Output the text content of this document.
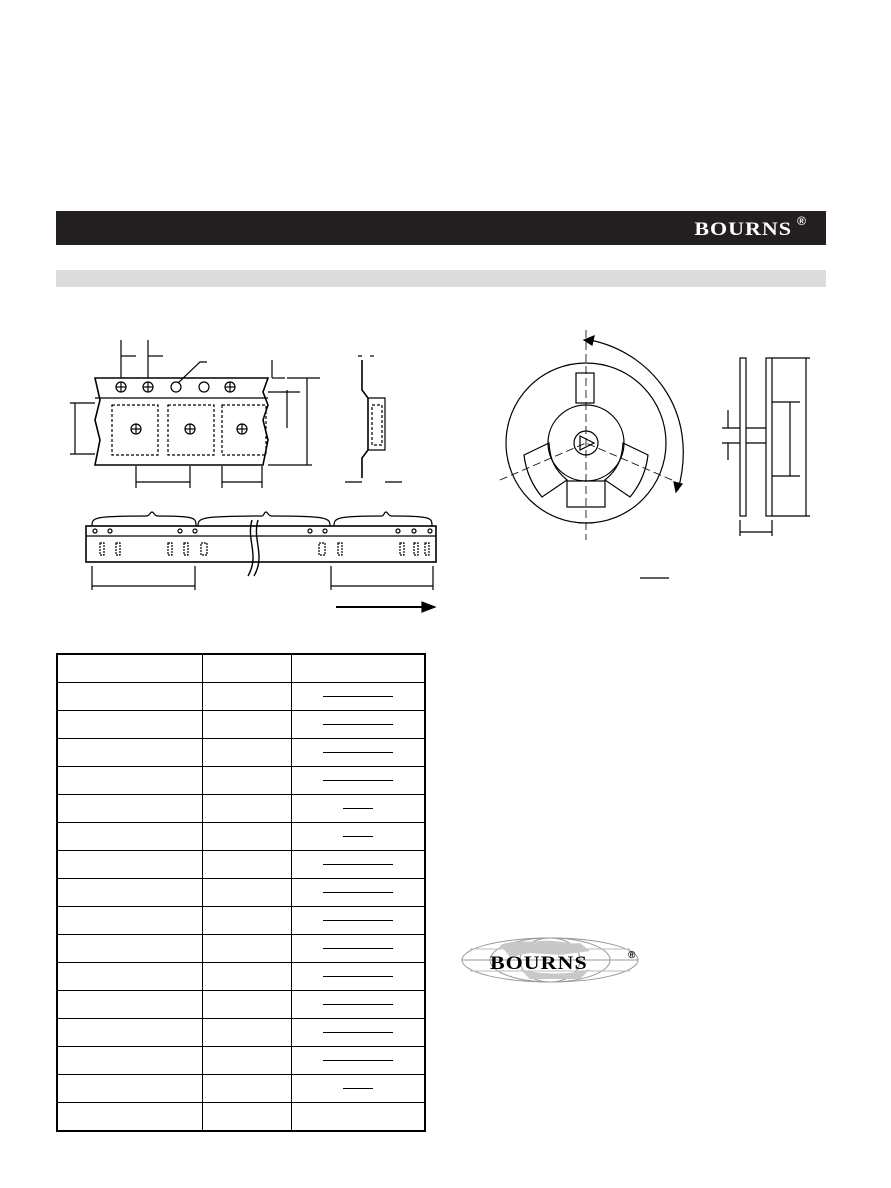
BOURNS ®

BOURNS	®
